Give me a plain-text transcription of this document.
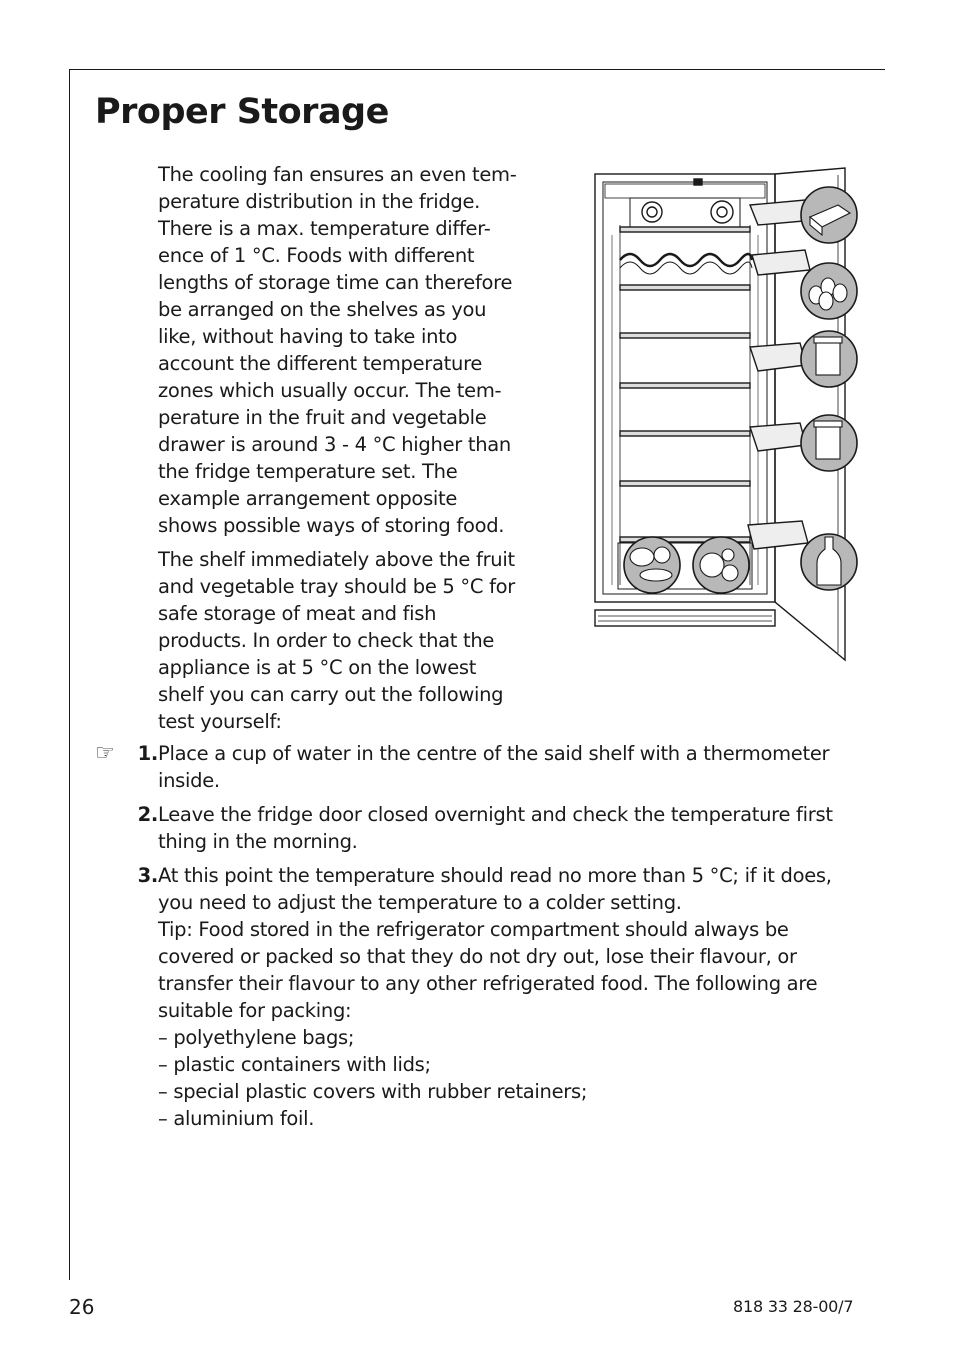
Proper Storage

The cooling fan ensures an even tem-
perature distribution in the fridge.
There is a max. temperature differ-
ence of 1 °C. Foods with different
lengths of storage time can therefore
be arranged on the shelves as you
like, without having to take into
account the different temperature
zones which usually occur. The tem-
perature in the fruit and vegetable
drawer is around 3 - 4 °C higher than
the fridge temperature set. The
example arrangement opposite
shows possible ways of storing food.

The shelf immediately above the fruit
and vegetable tray should be 5 °C for
safe storage of meat and fish
products. In order to check that the
appliance is at 5 °C on the lowest
shelf you can carry out the following
test yourself:

☞ 1. Place a cup of water in the centre of the said shelf with a thermometer
inside.
2. Leave the fridge door closed overnight and check the temperature first
thing in the morning.
3. At this point the temperature should read no more than 5 °C; if it does,
you need to adjust the temperature to a colder setting.
Tip: Food stored in the refrigerator compartment should always be
covered or packed so that they do not dry out, lose their flavour, or
transfer their flavour to any other refrigerated food. The following are
suitable for packing:
– polyethylene bags;
– plastic containers with lids;
– special plastic covers with rubber retainers;
– aluminium foil.
26	818 33 28-00/7
